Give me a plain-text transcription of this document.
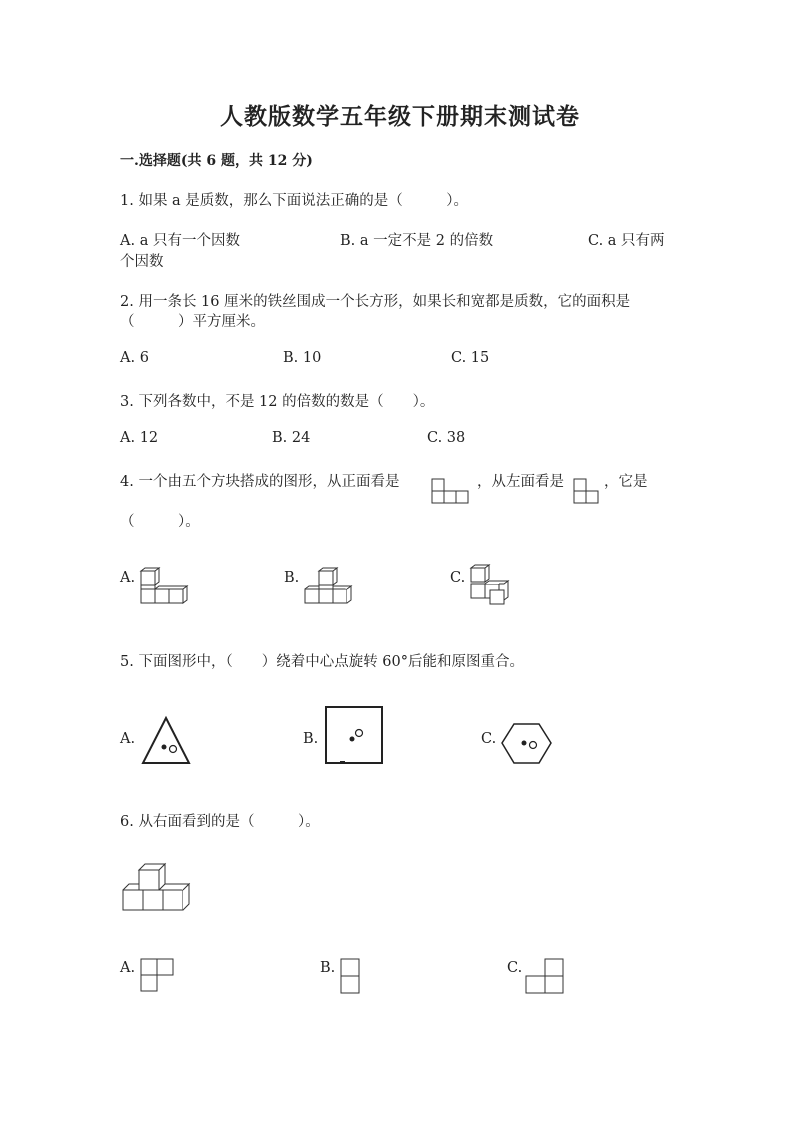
人教版数学五年级下册期末测试卷
一.选择题(共 6 题，共 12 分)
1. 如果 a 是质数，那么下面说法正确的是（　　　）。
A. a 只有一个因数	B. a 一定不是 2 的倍数	C. a 只有两
个因数
2. 用一条长 16 厘米的铁丝围成一个长方形，如果长和宽都是质数，它的面积是
（　　　）平方厘米。
A. 6	B. 10	C. 15
3. 下列各数中，不是 12 的倍数的数是（　　）。
A. 12	B. 24	C. 38
4. 一个由五个方块搭成的图形，从正面看是	，从左面看是	，它是
（　　　）。
A.	B.	C.
5. 下面图形中，（　　）绕着中心点旋转 60°后能和原图重合。
A.	B.	C.
6. 从右面看到的是（　　　）。
A.	B.	C.
